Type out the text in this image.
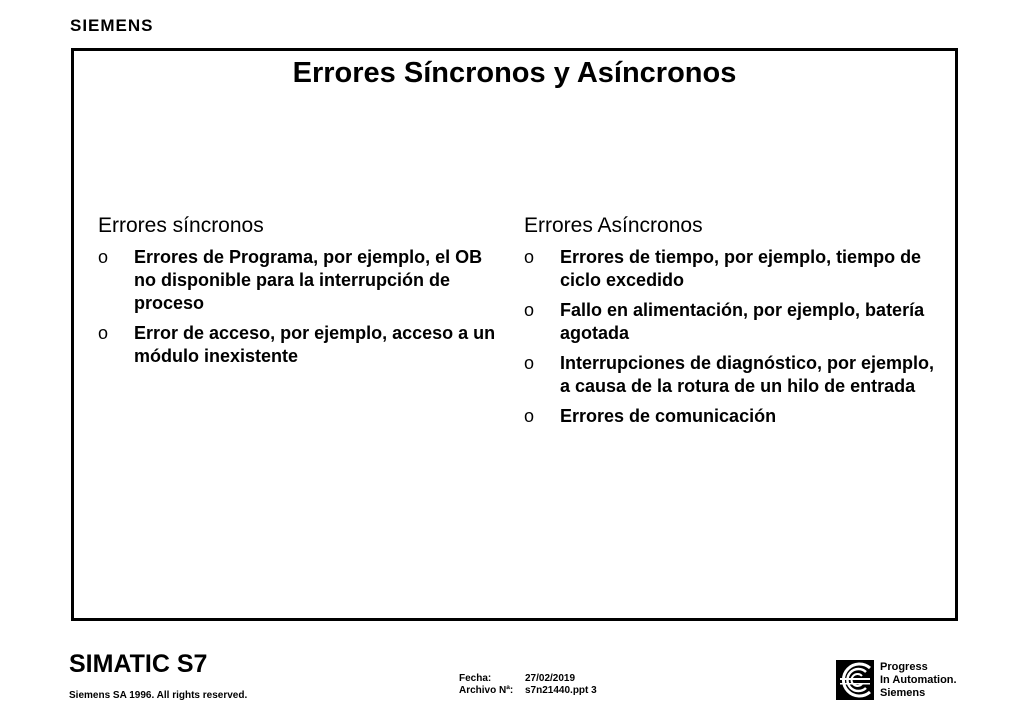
SIEMENS
Errores Síncronos y Asíncronos
Errores síncronos
o Errores de Programa, por ejemplo, el OB no disponible para la interrupción de proceso
o Error de acceso, por ejemplo, acceso a un módulo inexistente
Errores Asíncronos
o Errores de tiempo, por ejemplo, tiempo de ciclo excedido
o Fallo en alimentación, por ejemplo, batería agotada
o Interrupciones de diagnóstico, por ejemplo, a causa de la rotura de un hilo de entrada
o Errores de comunicación
SIMATIC S7
Siemens SA 1996. All rights reserved.
Fecha:	27/02/2019
Archivo Nª:	s7n21440.ppt 3
Progress
In Automation.
Siemens
